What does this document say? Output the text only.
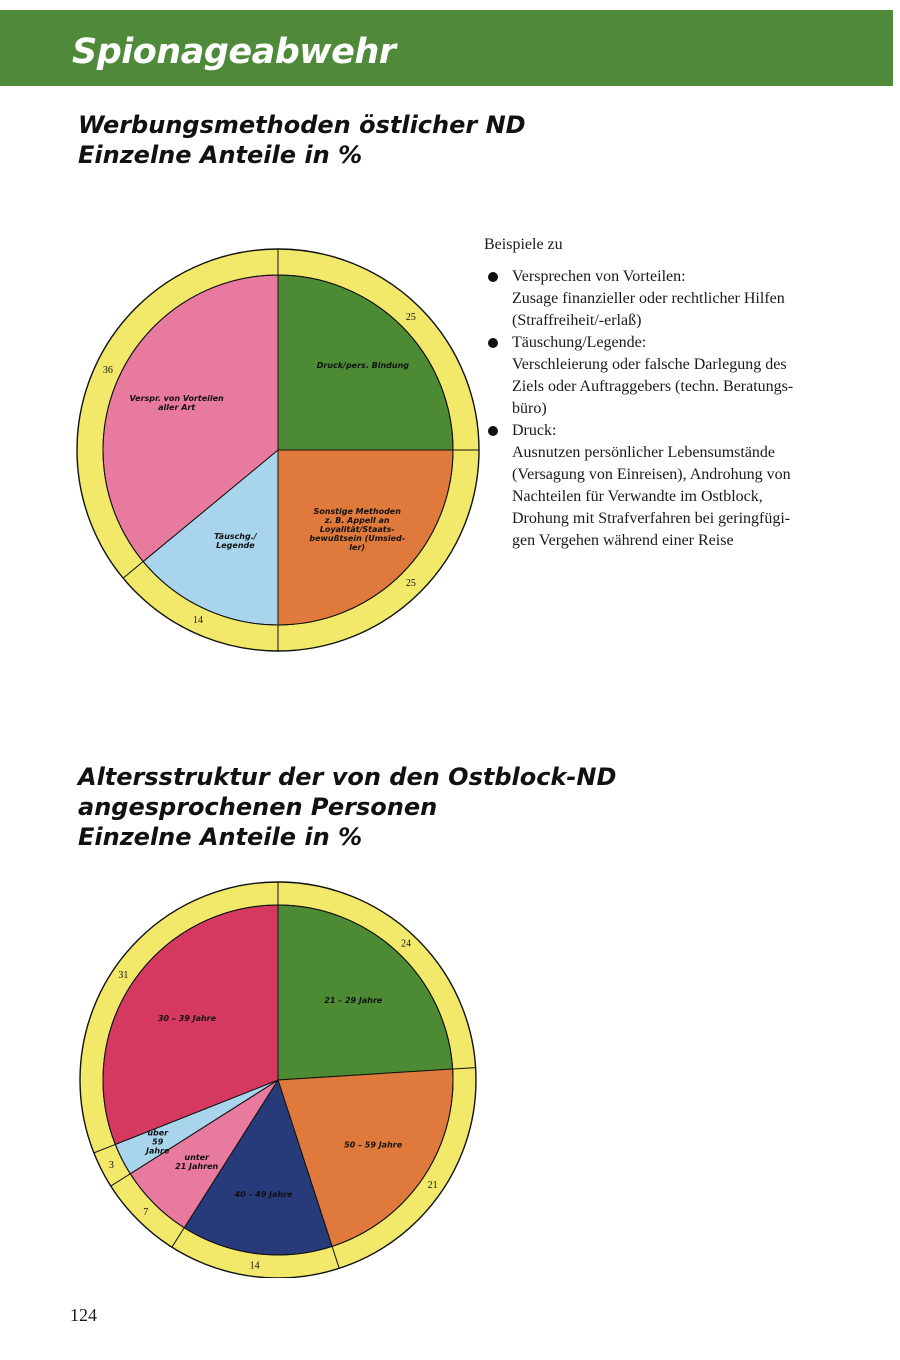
Spionageabwehr
Werbungsmethoden östlicher ND
Einzelne Anteile in %
25
Druck/pers. Bindung
25
Sonstige Methoden
z. B. Appell an
Loyalität/Staats-
bewußtsein (Umsied-
ler)
14
Täuschg./
Legende
36
Verspr. von Vorteilen
aller Art
Beispiele zu
Versprechen von Vorteilen:
Zusage finanzieller oder rechtlicher Hilfen
(Straffreiheit/-erlaß)
Täuschung/Legende:
Verschleierung oder falsche Darlegung des
Ziels oder Auftraggebers (techn. Beratungs-
büro)
Druck:
Ausnutzen persönlicher Lebensumstände
(Versagung von Einreisen), Androhung von
Nachteilen für Verwandte im Ostblock,
Drohung mit Strafverfahren bei geringfügi-
gen Vergehen während einer Reise
Altersstruktur der von den Ostblock-ND
angesprochenen Personen
Einzelne Anteile in %
24
21 – 29 Jahre
21
50 – 59 Jahre
14
40 – 49 Jahre
7
unter
21 Jahren
3
über
59
Jahre
31
30 – 39 Jahre
124
